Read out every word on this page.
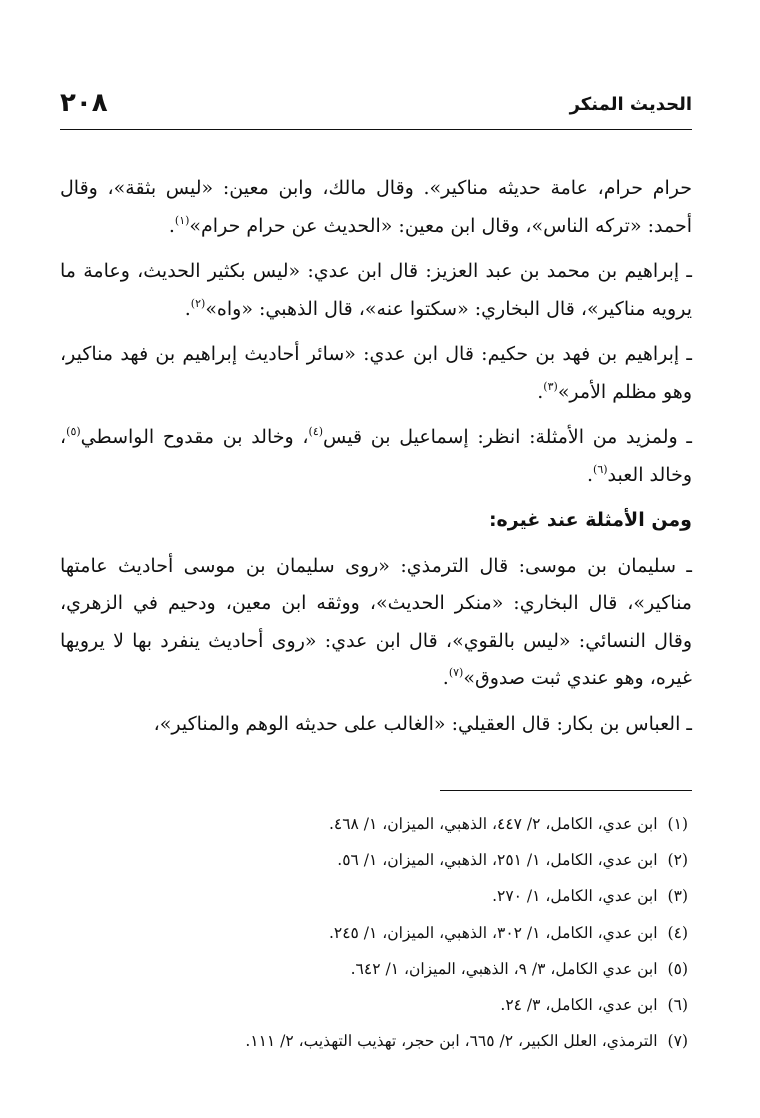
الحديث المنكر
٢٠٨

حرام حرام، عامة حديثه مناكير». وقال مالك، وابن معين: «ليس بثقة»، وقال أحمد: «تركه الناس»، وقال ابن معين: «الحديث عن حرام حرام»$^{(١)}$.

ـ إبراهيم بن محمد بن عبد العزيز: قال ابن عدي: «ليس بكثير الحديث، وعامة ما يرويه مناكير»، قال البخاري: «سكتوا عنه»، قال الذهبي: «واه»$^{(٢)}$.

ـ إبراهيم بن فهد بن حكيم: قال ابن عدي: «سائر أحاديث إبراهيم بن فهد مناكير، وهو مظلم الأمر»$^{(٣)}$.

ـ ولمزيد من الأمثلة: انظر: إسماعيل بن قيس$^{(٤)}$، وخالد بن مقدوح الواسطي$^{(٥)}$، وخالد العبد$^{(٦)}$.

ومن الأمثلة عند غيره:

ـ سليمان بن موسى: قال الترمذي: «روى سليمان بن موسى أحاديث عامتها مناكير»، قال البخاري: «منكر الحديث»، ووثقه ابن معين، ودحيم في الزهري، وقال النسائي: «ليس بالقوي»، قال ابن عدي: «روى أحاديث ينفرد بها لا يرويها غيره، وهو عندي ثبت صدوق»$^{(٧)}$.

ـ العباس بن بكار: قال العقيلي: «الغالب على حديثه الوهم والمناكير»،

(١)ابن عدي، الكامل، ٢/ ٤٤٧، الذهبي، الميزان، ١/ ٤٦٨.
(٢)ابن عدي، الكامل، ١/ ٢٥١، الذهبي، الميزان، ١/ ٥٦.
(٣)ابن عدي، الكامل، ١/ ٢٧٠.
(٤)ابن عدي، الكامل، ١/ ٣٠٢، الذهبي، الميزان، ١/ ٢٤٥.
(٥)ابن عدي الكامل، ٣/ ٩، الذهبي، الميزان، ١/ ٦٤٢.
(٦)ابن عدي، الكامل، ٣/ ٢٤.
(٧)الترمذي، العلل الكبير، ٢/ ٦٦٥، ابن حجر، تهذيب التهذيب، ٢/ ١١١.
